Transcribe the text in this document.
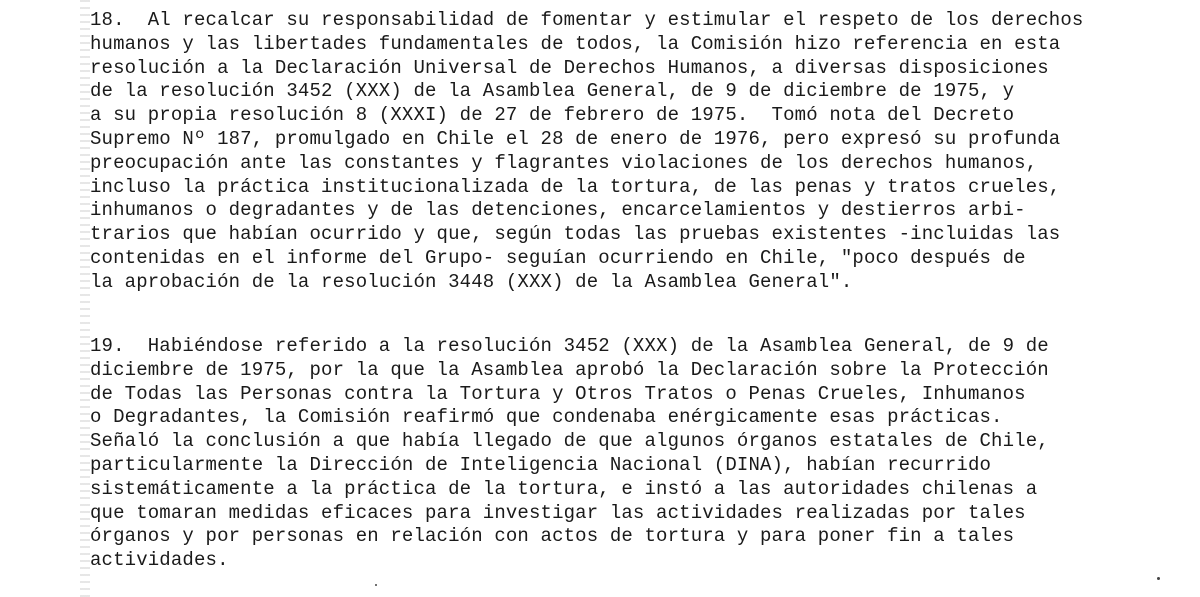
18.  Al recalcar su responsabilidad de fomentar y estimular el respeto de los derechos
humanos y las libertades fundamentales de todos, la Comisión hizo referencia en esta
resolución a la Declaración Universal de Derechos Humanos, a diversas disposiciones
de la resolución 3452 (XXX) de la Asamblea General, de 9 de diciembre de 1975, y
a su propia resolución 8 (XXXI) de 27 de febrero de 1975.  Tomó nota del Decreto
Supremo Nº 187, promulgado en Chile el 28 de enero de 1976, pero expresó su profunda
preocupación ante las constantes y flagrantes violaciones de los derechos humanos,
incluso la práctica institucionalizada de la tortura, de las penas y tratos crueles,
inhumanos o degradantes y de las detenciones, encarcelamientos y destierros arbi-
trarios que habían ocurrido y que, según todas las pruebas existentes -incluidas las
contenidas en el informe del Grupo- seguían ocurriendo en Chile, "poco después de
la aprobación de la resolución 3448 (XXX) de la Asamblea General".
19.  Habiéndose referido a la resolución 3452 (XXX) de la Asamblea General, de 9 de
diciembre de 1975, por la que la Asamblea aprobó la Declaración sobre la Protección
de Todas las Personas contra la Tortura y Otros Tratos o Penas Crueles, Inhumanos
o Degradantes, la Comisión reafirmó que condenaba enérgicamente esas prácticas.
Señaló la conclusión a que había llegado de que algunos órganos estatales de Chile,
particularmente la Dirección de Inteligencia Nacional (DINA), habían recurrido
sistemáticamente a la práctica de la tortura, e instó a las autoridades chilenas a
que tomaran medidas eficaces para investigar las actividades realizadas por tales
órganos y por personas en relación con actos de tortura y para poner fin a tales
actividades.
